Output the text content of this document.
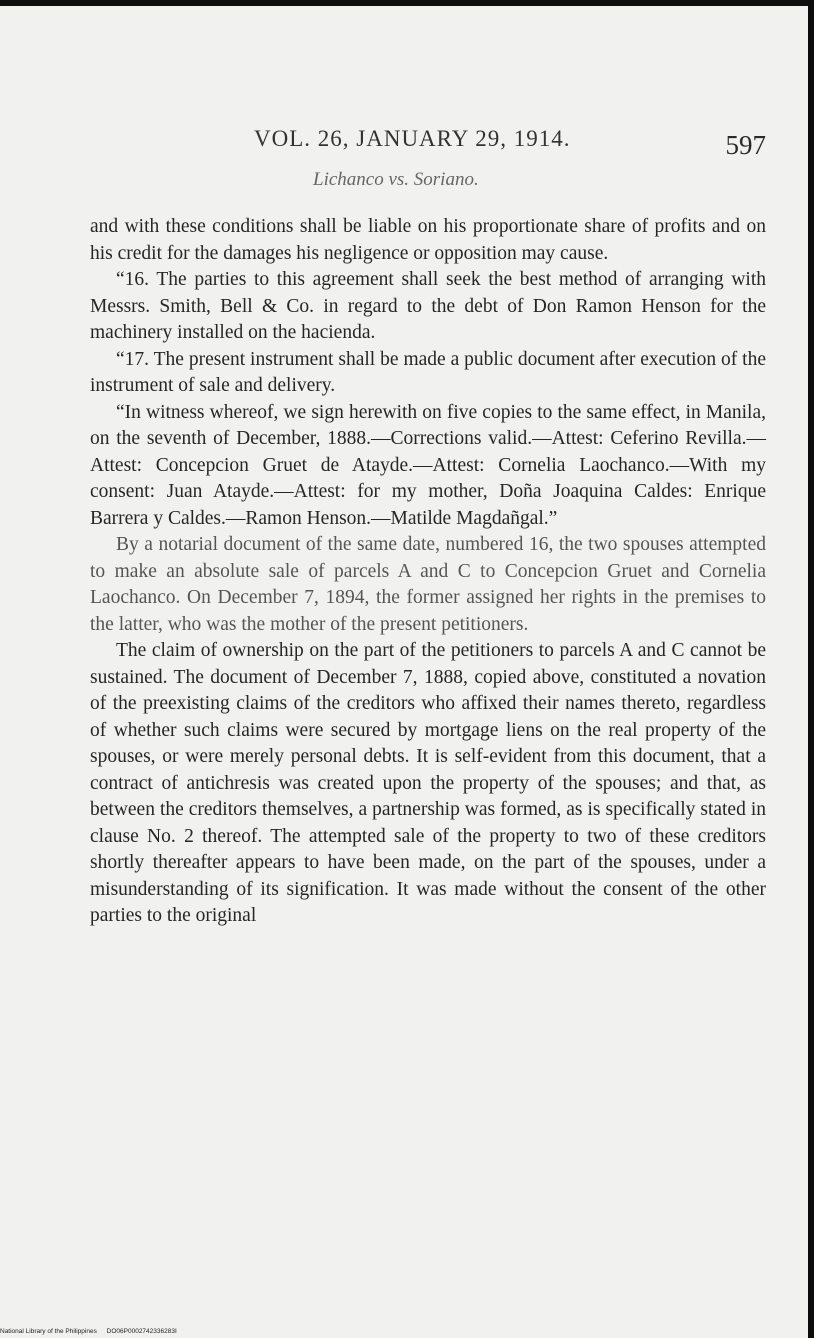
VOL. 26, JANUARY 29, 1914.	597
Lichanco vs. Soriano.

and with these conditions shall be liable on his proportionate share of profits and on his credit for the damages his negligence or opposition may cause.

“16. The parties to this agreement shall seek the best method of arranging with Messrs. Smith, Bell & Co. in regard to the debt of Don Ramon Henson for the machinery installed on the hacienda.

“17. The present instrument shall be made a public document after execution of the instrument of sale and delivery.

“In witness whereof, we sign herewith on five copies to the same effect, in Manila, on the seventh of December, 1888.—Corrections valid.—Attest: Ceferino Revilla.—Attest: Concepcion Gruet de Atayde.—Attest: Cornelia Laochanco.—With my consent: Juan Atayde.—Attest: for my mother, Doña Joaquina Caldes: Enrique Barrera y Caldes.—Ramon Henson.—Matilde Magdañgal.”

By a notarial document of the same date, numbered 16, the two spouses attempted to make an absolute sale of parcels A and C to Concepcion Gruet and Cornelia Laochanco. On December 7, 1894, the former assigned her rights in the premises to the latter, who was the mother of the present petitioners.

The claim of ownership on the part of the petitioners to parcels A and C cannot be sustained. The document of December 7, 1888, copied above, constituted a novation of the preexisting claims of the creditors who affixed their names thereto, regardless of whether such claims were secured by mortgage liens on the real property of the spouses, or were merely personal debts. It is self-evident from this document, that a contract of antichresis was created upon the property of the spouses; and that, as between the creditors themselves, a partnership was formed, as is specifically stated in clause No. 2 thereof. The attempted sale of the property to two of these creditors shortly thereafter appears to have been made, on the part of the spouses, under a misunderstanding of its signification. It was made without the consent of the other parties to the original

National Library of the Philippines DO06P0002742336283I
